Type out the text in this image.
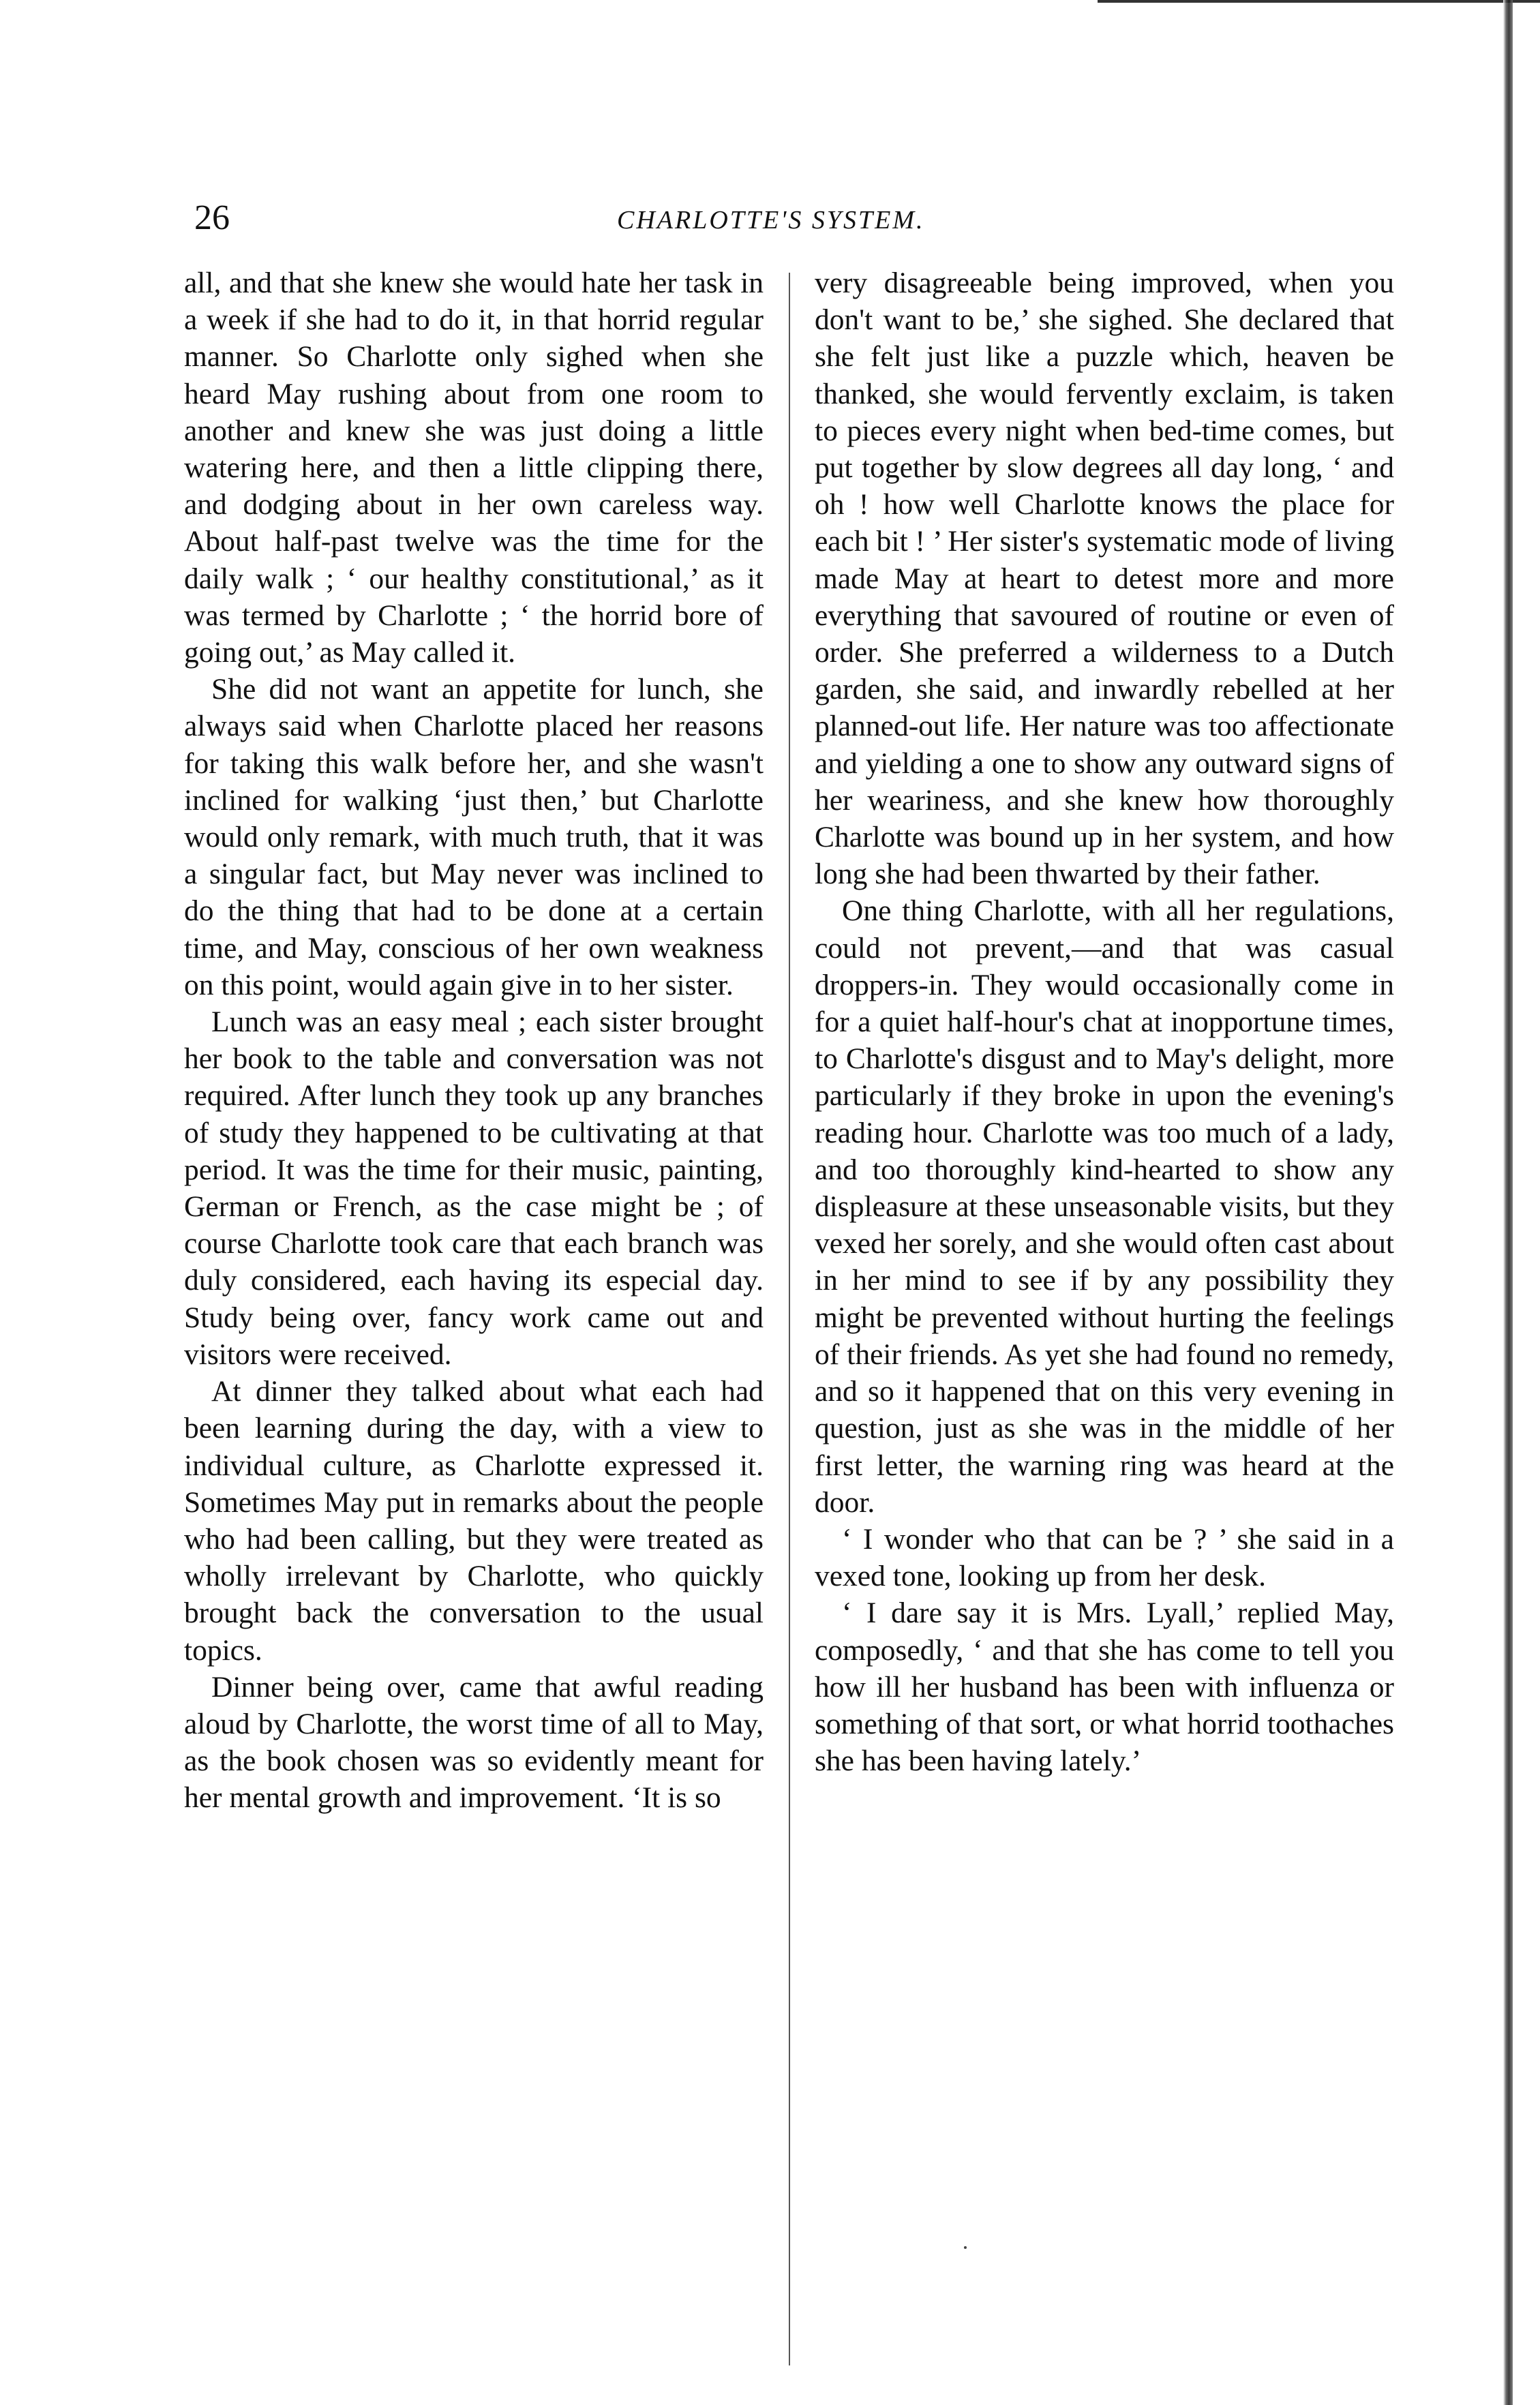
26	CHARLOTTE'S SYSTEM.

all, and that she knew she would hate her task in a week if she had to do it, in that horrid regular manner. So Charlotte only sighed when she heard May rushing about from one room to another and knew she was just doing a little watering here, and then a little clipping there, and dodging about in her own careless way. About half-past twelve was the time for the daily walk ; ‘ our healthy constitutional,’ as it was termed by Charlotte ; ‘ the horrid bore of going out,’ as May called it.

She did not want an appetite for lunch, she always said when Charlotte placed her reasons for taking this walk before her, and she wasn't inclined for walking ‘just then,’ but Charlotte would only remark, with much truth, that it was a singular fact, but May never was inclined to do the thing that had to be done at a certain time, and May, conscious of her own weakness on this point, would again give in to her sister.

Lunch was an easy meal ; each sister brought her book to the table and conversation was not required. After lunch they took up any branches of study they happened to be cultivating at that period. It was the time for their music, painting, German or French, as the case might be ; of course Charlotte took care that each branch was duly considered, each having its especial day. Study being over, fancy work came out and visitors were received.

At dinner they talked about what each had been learning during the day, with a view to individual culture, as Charlotte expressed it. Sometimes May put in remarks about the people who had been calling, but they were treated as wholly irrelevant by Charlotte, who quickly brought back the conversation to the usual topics.

Dinner being over, came that awful reading aloud by Charlotte, the worst time of all to May, as the book chosen was so evidently meant for her mental growth and improvement. ‘It is so

very disagreeable being improved, when you don't want to be,’ she sighed. She declared that she felt just like a puzzle which, heaven be thanked, she would fervently exclaim, is taken to pieces every night when bed-time comes, but put together by slow degrees all day long, ‘ and oh ! how well Charlotte knows the place for each bit ! ’ Her sister's systematic mode of living made May at heart to detest more and more everything that savoured of routine or even of order. She preferred a wilderness to a Dutch garden, she said, and inwardly rebelled at her planned-out life. Her nature was too affectionate and yielding a one to show any outward signs of her weariness, and she knew how thoroughly Charlotte was bound up in her system, and how long she had been thwarted by their father.

One thing Charlotte, with all her regulations, could not prevent,—and that was casual droppers-in. They would occasionally come in for a quiet half-hour's chat at inopportune times, to Charlotte's disgust and to May's delight, more particularly if they broke in upon the evening's reading hour. Charlotte was too much of a lady, and too thoroughly kind-hearted to show any displeasure at these unseasonable visits, but they vexed her sorely, and she would often cast about in her mind to see if by any possibility they might be prevented without hurting the feelings of their friends. As yet she had found no remedy, and so it happened that on this very evening in question, just as she was in the middle of her first letter, the warning ring was heard at the door.

‘ I wonder who that can be ? ’ she said in a vexed tone, looking up from her desk.

‘ I dare say it is Mrs. Lyall,’ replied May, composedly, ‘ and that she has come to tell you how ill her husband has been with influenza or something of that sort, or what horrid toothaches she has been having lately.’
